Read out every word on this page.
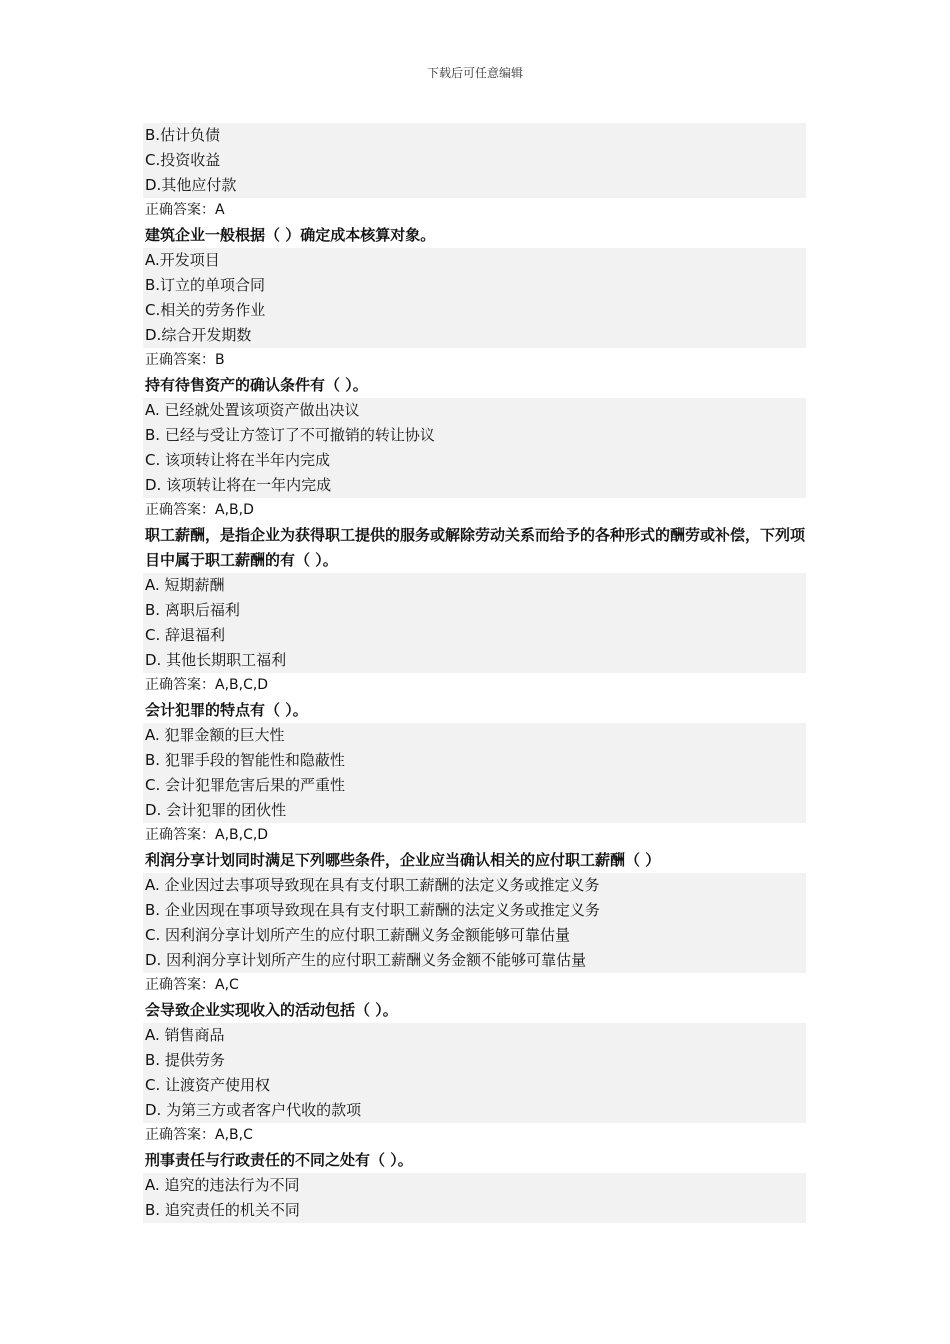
下载后可任意编辑
B.估计负债
C.投资收益
D.其他应付款
正确答案：A
建筑企业一般根据（ ）确定成本核算对象。
A.开发项目
B.订立的单项合同
C.相关的劳务作业
D.综合开发期数
正确答案：B
持有待售资产的确认条件有（ ）。
A. 已经就处置该项资产做出决议
B. 已经与受让方签订了不可撤销的转让协议
C. 该项转让将在半年内完成
D. 该项转让将在一年内完成
正确答案：A,B,D
职工薪酬，是指企业为获得职工提供的服务或解除劳动关系而给予的各种形式的酬劳或补偿，下列项目中属于职工薪酬的有（ ）。
A. 短期薪酬
B. 离职后福利
C. 辞退福利
D. 其他长期职工福利
正确答案：A,B,C,D
会计犯罪的特点有（ ）。
A. 犯罪金额的巨大性
B. 犯罪手段的智能性和隐蔽性
C. 会计犯罪危害后果的严重性
D. 会计犯罪的团伙性
正确答案：A,B,C,D
利润分享计划同时满足下列哪些条件，企业应当确认相关的应付职工薪酬（ ）
A. 企业因过去事项导致现在具有支付职工薪酬的法定义务或推定义务
B. 企业因现在事项导致现在具有支付职工薪酬的法定义务或推定义务
C. 因利润分享计划所产生的应付职工薪酬义务金额能够可靠估量
D. 因利润分享计划所产生的应付职工薪酬义务金额不能够可靠估量
正确答案：A,C
会导致企业实现收入的活动包括（ ）。
A. 销售商品
B. 提供劳务
C. 让渡资产使用权
D. 为第三方或者客户代收的款项
正确答案：A,B,C
刑事责任与行政责任的不同之处有（ ）。
A. 追究的违法行为不同
B. 追究责任的机关不同
